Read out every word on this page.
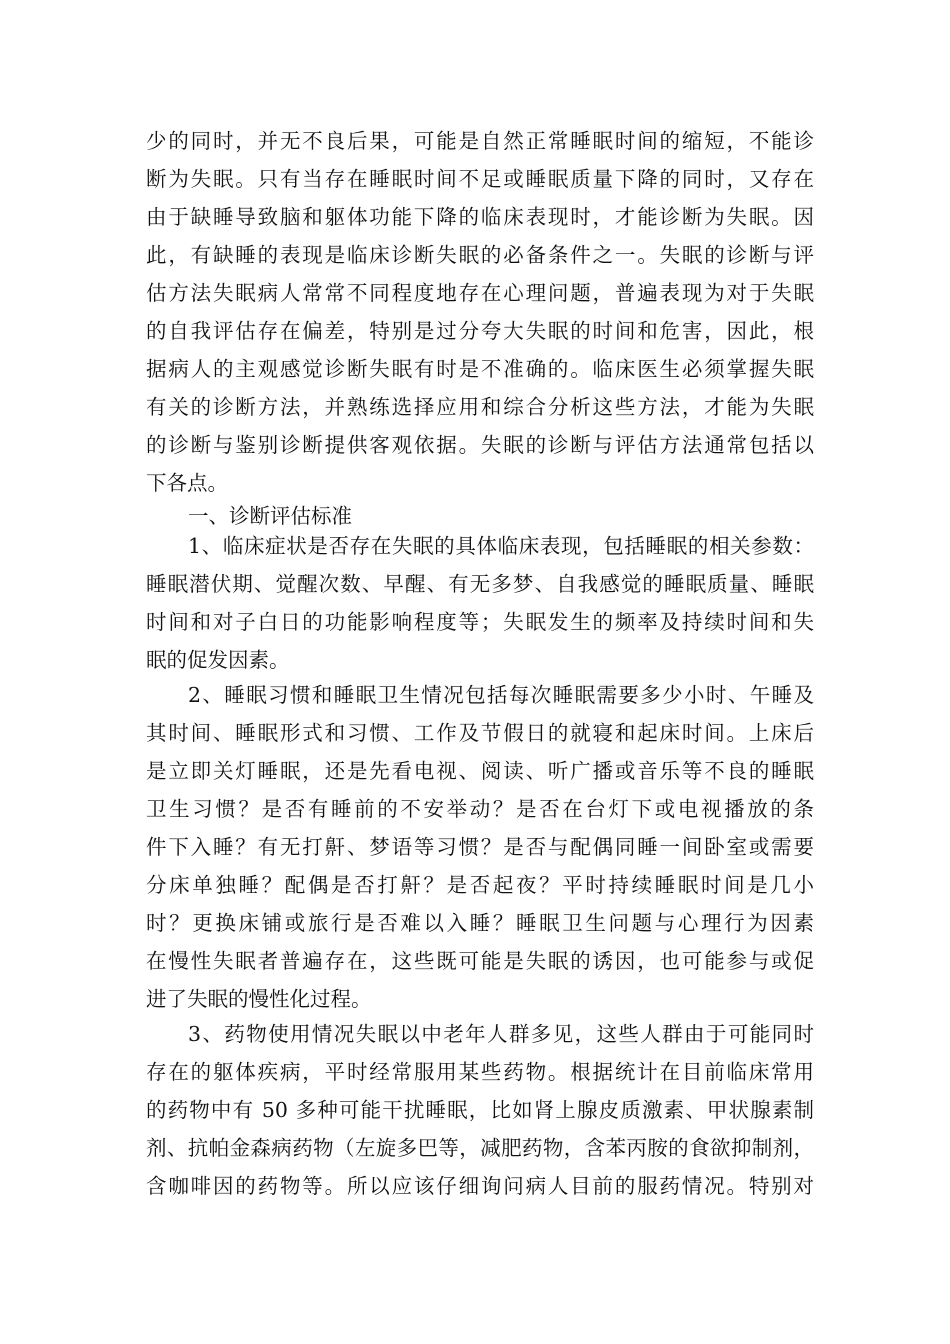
少的同时，并无不良后果，可能是自然正常睡眠时间的缩短，不能诊
断为失眠。只有当存在睡眠时间不足或睡眠质量下降的同时，又存在
由于缺睡导致脑和躯体功能下降的临床表现时，才能诊断为失眠。因
此，有缺睡的表现是临床诊断失眠的必备条件之一。失眠的诊断与评
估方法失眠病人常常不同程度地存在心理问题，普遍表现为对于失眠
的自我评估存在偏差，特别是过分夸大失眠的时间和危害，因此，根
据病人的主观感觉诊断失眠有时是不准确的。临床医生必须掌握失眠
有关的诊断方法，并熟练选择应用和综合分析这些方法，才能为失眠
的诊断与鉴别诊断提供客观依据。失眠的诊断与评估方法通常包括以
下各点。
一、诊断评估标准
1、临床症状是否存在失眠的具体临床表现，包括睡眠的相关参数：
睡眠潜伏期、觉醒次数、早醒、有无多梦、自我感觉的睡眠质量、睡眠
时间和对子白日的功能影响程度等；失眠发生的频率及持续时间和失
眠的促发因素。
2、睡眠习惯和睡眠卫生情况包括每次睡眠需要多少小时、午睡及
其时间、睡眠形式和习惯、工作及节假日的就寝和起床时间。上床后
是立即关灯睡眠，还是先看电视、阅读、听广播或音乐等不良的睡眠
卫生习惯？是否有睡前的不安举动？是否在台灯下或电视播放的条
件下入睡？有无打鼾、梦语等习惯？是否与配偶同睡一间卧室或需要
分床单独睡？配偶是否打鼾？是否起夜？平时持续睡眠时间是几小
时？更换床铺或旅行是否难以入睡？睡眠卫生问题与心理行为因素
在慢性失眠者普遍存在，这些既可能是失眠的诱因，也可能参与或促
进了失眠的慢性化过程。
3、药物使用情况失眠以中老年人群多见，这些人群由于可能同时
存在的躯体疾病，平时经常服用某些药物。根据统计在目前临床常用
的药物中有 50 多种可能干扰睡眠，比如肾上腺皮质激素、甲状腺素制
剂、抗帕金森病药物（左旋多巴等，减肥药物，含苯丙胺的食欲抑制剂，
含咖啡因的药物等。所以应该仔细询问病人目前的服药情况。特别对
